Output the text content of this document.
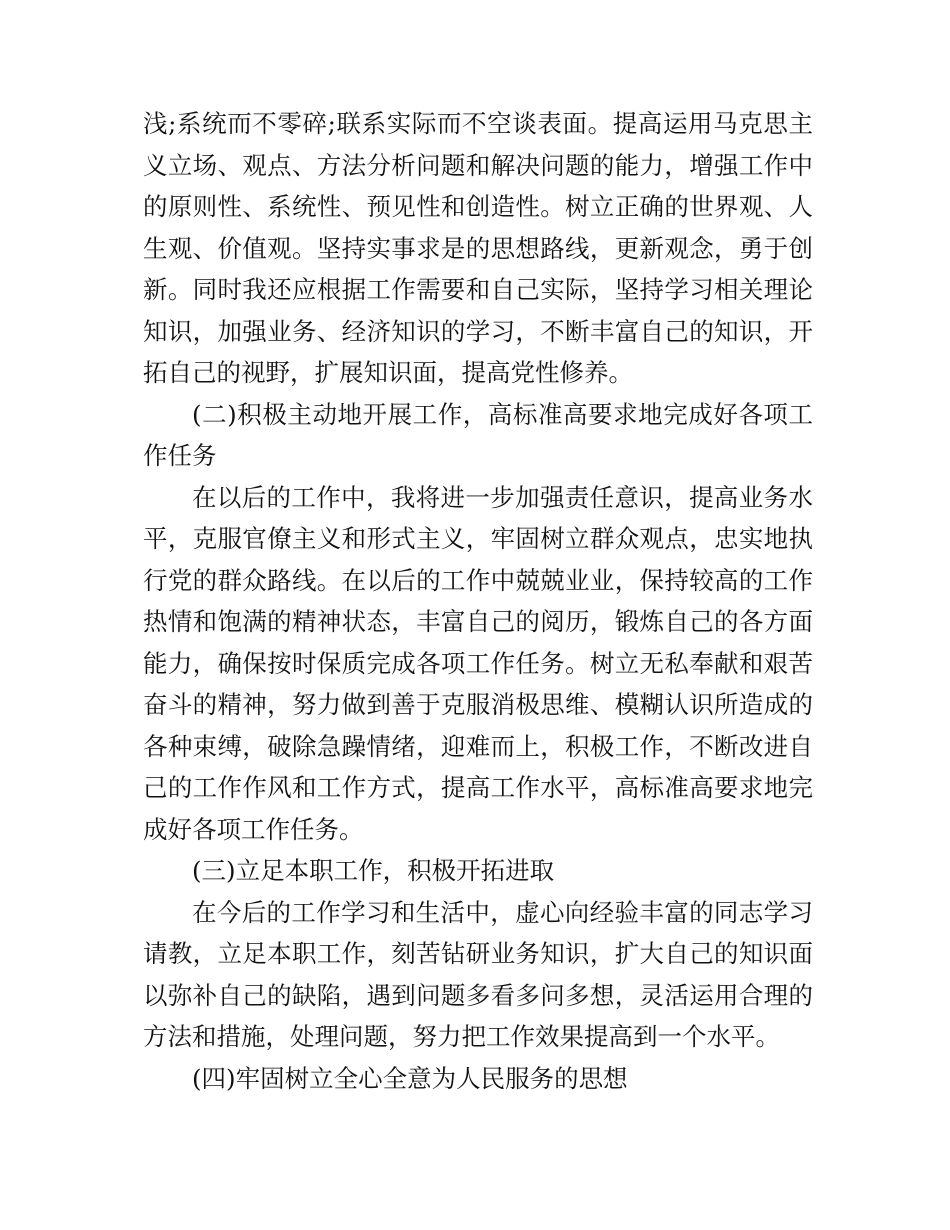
浅;系统而不零碎;联系实际而不空谈表面。提高运用马克思主义立场、观点、方法分析问题和解决问题的能力，增强工作中的原则性、系统性、预见性和创造性。树立正确的世界观、人生观、价值观。坚持实事求是的思想路线，更新观念，勇于创新。同时我还应根据工作需要和自己实际，坚持学习相关理论知识，加强业务、经济知识的学习，不断丰富自己的知识，开拓自己的视野，扩展知识面，提高党性修养。

(二)积极主动地开展工作，高标准高要求地完成好各项工作任务

在以后的工作中，我将进一步加强责任意识，提高业务水平，克服官僚主义和形式主义，牢固树立群众观点，忠实地执行党的群众路线。在以后的工作中兢兢业业，保持较高的工作热情和饱满的精神状态，丰富自己的阅历，锻炼自己的各方面能力，确保按时保质完成各项工作任务。树立无私奉献和艰苦奋斗的精神，努力做到善于克服消极思维、模糊认识所造成的各种束缚，破除急躁情绪，迎难而上，积极工作，不断改进自己的工作作风和工作方式，提高工作水平，高标准高要求地完成好各项工作任务。

(三)立足本职工作，积极开拓进取

在今后的工作学习和生活中，虚心向经验丰富的同志学习请教，立足本职工作，刻苦钻研业务知识，扩大自己的知识面以弥补自己的缺陷，遇到问题多看多问多想，灵活运用合理的方法和措施，处理问题，努力把工作效果提高到一个水平。

(四)牢固树立全心全意为人民服务的思想
